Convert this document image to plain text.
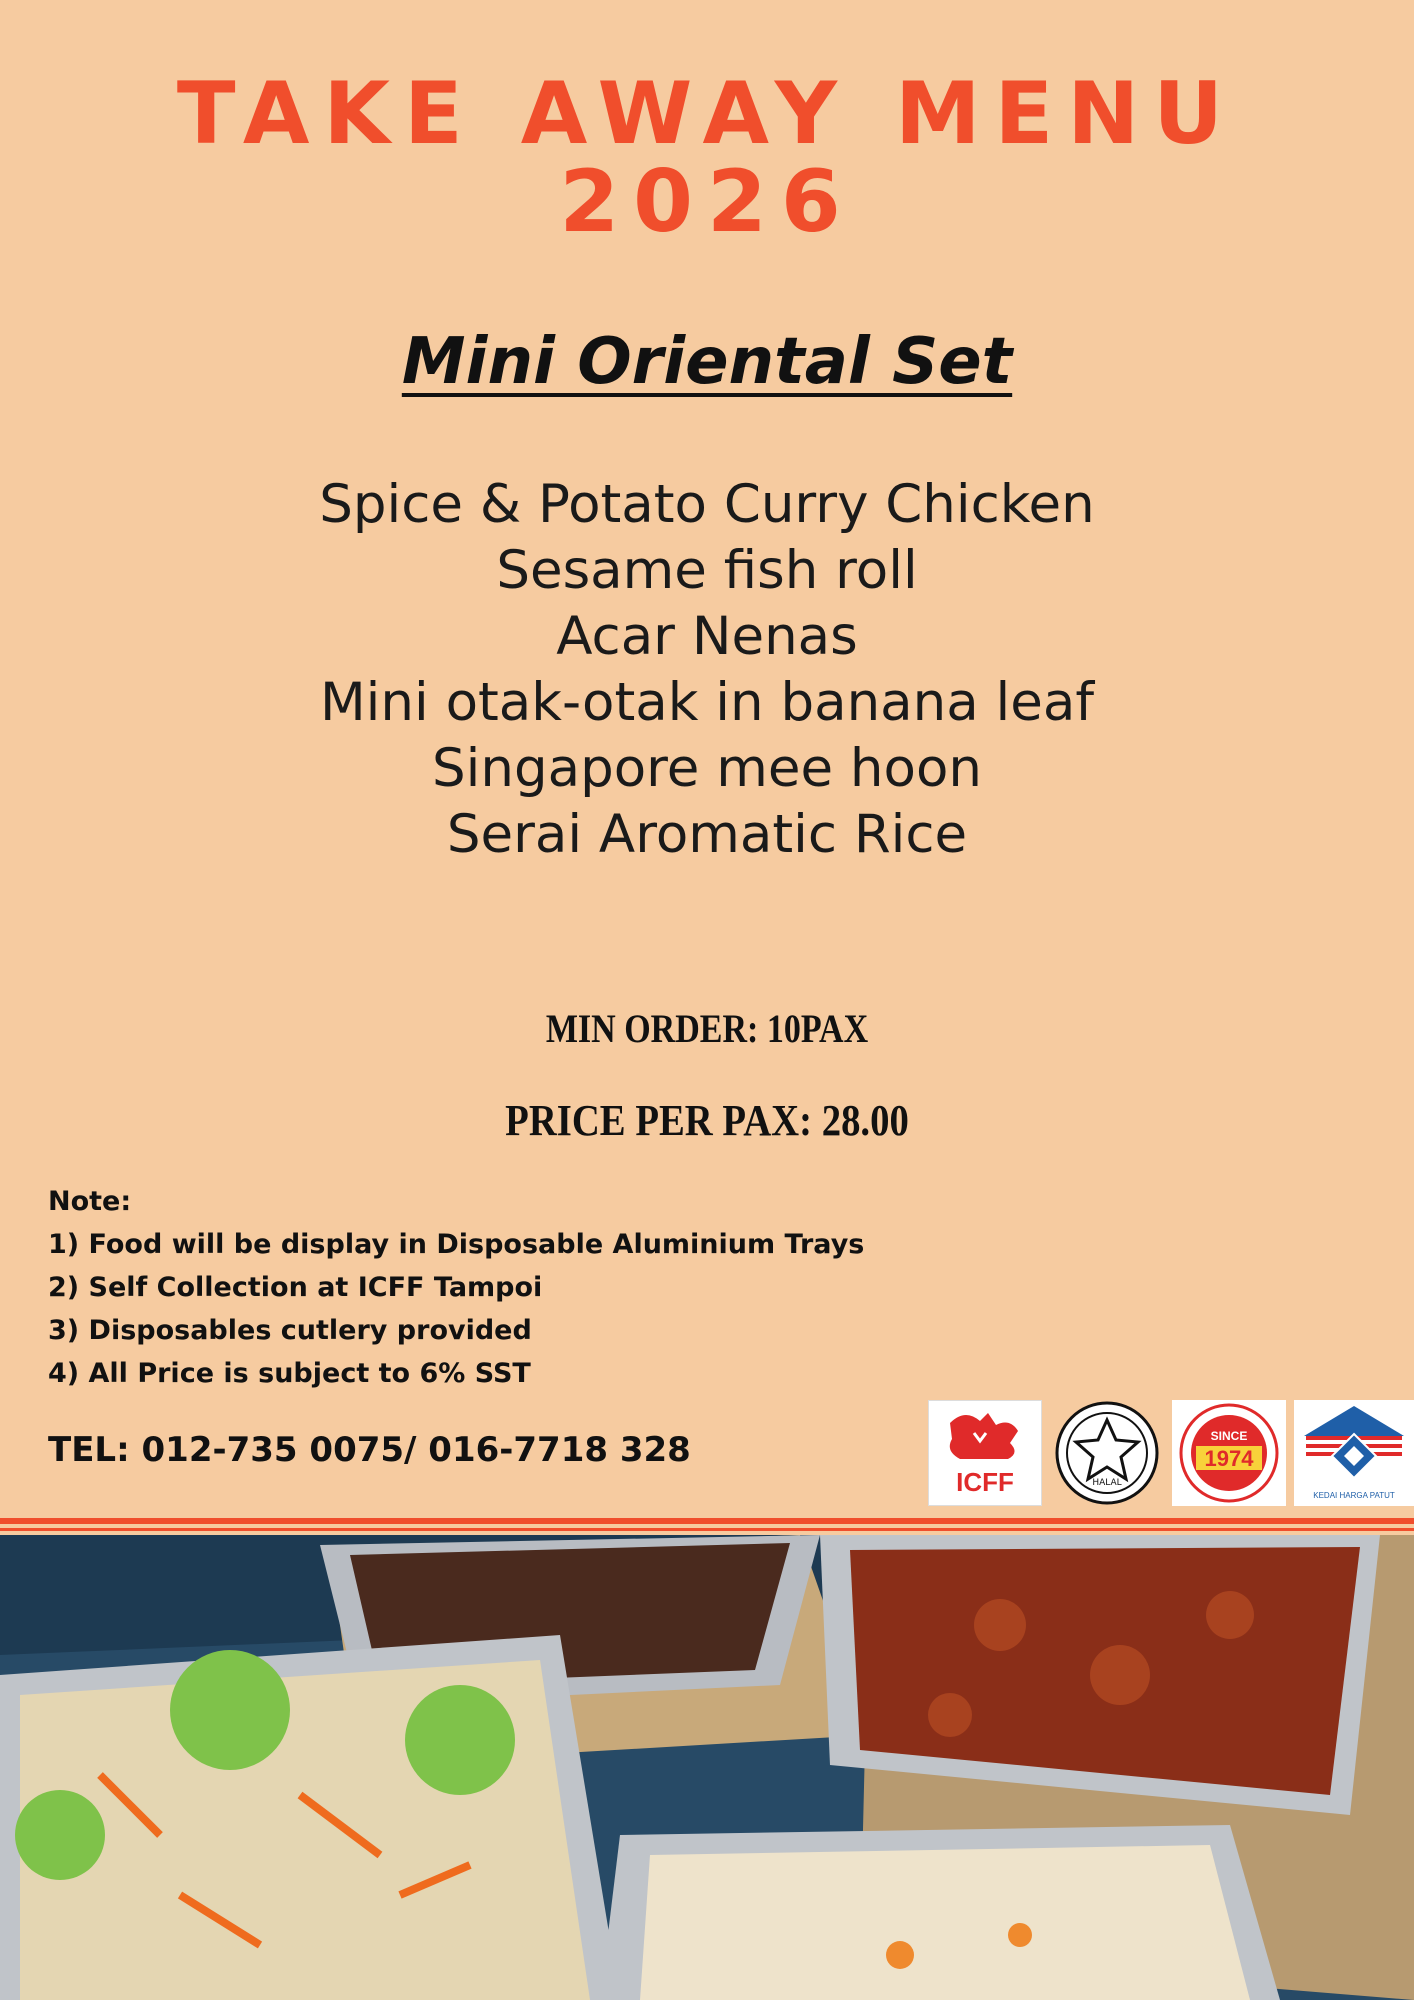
TAKE AWAY MENU
2026
Mini Oriental Set
Spice & Potato Curry Chicken
Sesame fish roll
Acar Nenas
Mini otak-otak in banana leaf
Singapore mee hoon
Serai Aromatic Rice
MIN ORDER: 10PAX
PRICE PER PAX: 28.00
Note:
1) Food will be display in Disposable Aluminium Trays
2) Self Collection at ICFF Tampoi
3) Disposables cutlery provided
4) All Price is subject to 6% SST
TEL: 012-735 0075/ 016-7718 328
ICFF	HALAL
SINCE
1974
KEDAI HARGA PATUT
